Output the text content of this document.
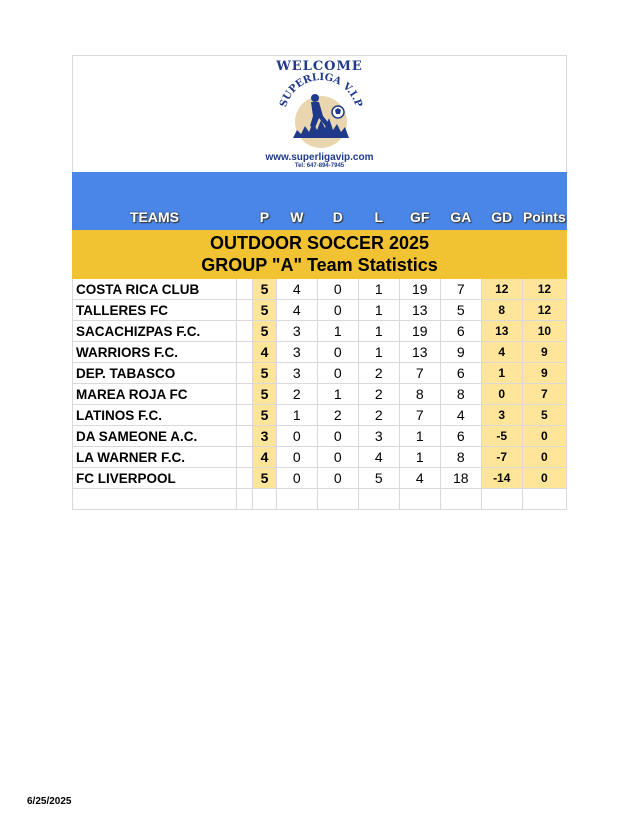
WELCOME
SUPERLIGA V.I.P
www.superligavip.com
Tel: 647-894-7945
TEAMS		P	W	D	L	GF	GA	GD	Points

OUTDOOR SOCCER 2025
GROUP "A" Team Statistics									

COSTA RICA CLUB		5	4	0	1	19	7	12	12
TALLERES FC		5	4	0	1	13	5	8	12
SACACHIZPAS F.C.		5	3	1	1	19	6	13	10
WARRIORS F.C.		4	3	0	1	13	9	4	9
DEP. TABASCO		5	3	0	2	7	6	1	9
MAREA ROJA FC		5	2	1	2	8	8	0	7
LATINOS F.C.		5	1	2	2	7	4	3	5
DA SAMEONE A.C.		3	0	0	3	1	6	-5	0
LA WARNER F.C.		4	0	0	4	1	8	-7	0
FC LIVERPOOL		5	0	0	5	4	18	-14	0

6/25/2025
